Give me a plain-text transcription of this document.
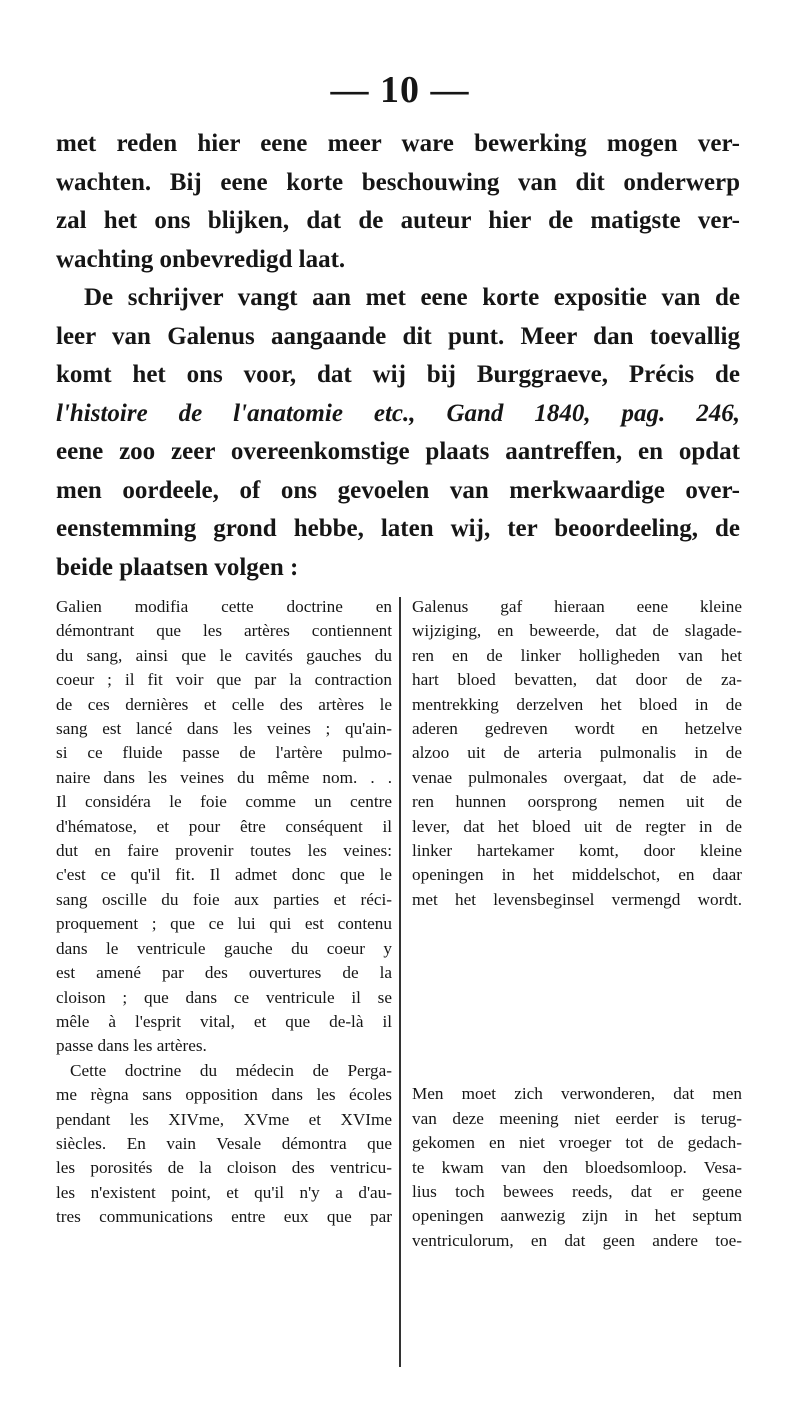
— 10 —

met reden hier eene meer ware bewerking mogen ver-
wachten. Bij eene korte beschouwing van dit onderwerp
zal het ons blijken, dat de auteur hier de matigste ver-
wachting onbevredigd laat.

De schrijver vangt aan met eene korte expositie van de
leer van Galenus aangaande dit punt. Meer dan toevallig
komt het ons voor, dat wij bij Burggraeve, Précis de
l'histoire de l'anatomie etc., Gand 1840, pag. 246,
eene zoo zeer overeenkomstige plaats aantreffen, en opdat
men oordeele, of ons gevoelen van merkwaardige over-
eenstemming grond hebbe, laten wij, ter beoordeeling, de
beide plaatsen volgen :

Galien modifia cette doctrine en
démontrant que les artères contiennent
du sang, ainsi que le cavités gauches du
coeur ; il fit voir que par la contraction
de ces dernières et celle des artères le
sang est lancé dans les veines ; qu'ain-
si ce fluide passe de l'artère pulmo-
naire dans les veines du même nom. . .
Il considéra le foie comme un centre
d'hématose, et pour être conséquent il
dut en faire provenir toutes les veines:
c'est ce qu'il fit. Il admet donc que le
sang oscille du foie aux parties et réci-
proquement ; que ce lui qui est contenu
dans le ventricule gauche du coeur y
est amené par des ouvertures de la
cloison ; que dans ce ventricule il se
mêle à l'esprit vital, et que de-là il
passe dans les artères.
Cette doctrine du médecin de Perga-
me règna sans opposition dans les écoles
pendant les XIVme, XVme et XVIme
siècles. En vain Vesale démontra que
les porosités de la cloison des ventricu-
les n'existent point, et qu'il n'y a d'au-
tres communications entre eux que par
Galenus gaf hieraan eene kleine
wijziging, en beweerde, dat de slagade-
ren en de linker holligheden van het
hart bloed bevatten, dat door de za-
mentrekking derzelven het bloed in de
aderen gedreven wordt en hetzelve
alzoo uit de arteria pulmonalis in de
venae pulmonales overgaat, dat de ade-
ren hunnen oorsprong nemen uit de
lever, dat het bloed uit de regter in de
linker hartekamer komt, door kleine
openingen in het middelschot, en daar
met het levensbeginsel vermengd wordt.
Men moet zich verwonderen, dat men
van deze meening niet eerder is terug-
gekomen en niet vroeger tot de gedach-
te kwam van den bloedsomloop. Vesa-
lius toch bewees reeds, dat er geene
openingen aanwezig zijn in het septum
ventriculorum, en dat geen andere toe-
